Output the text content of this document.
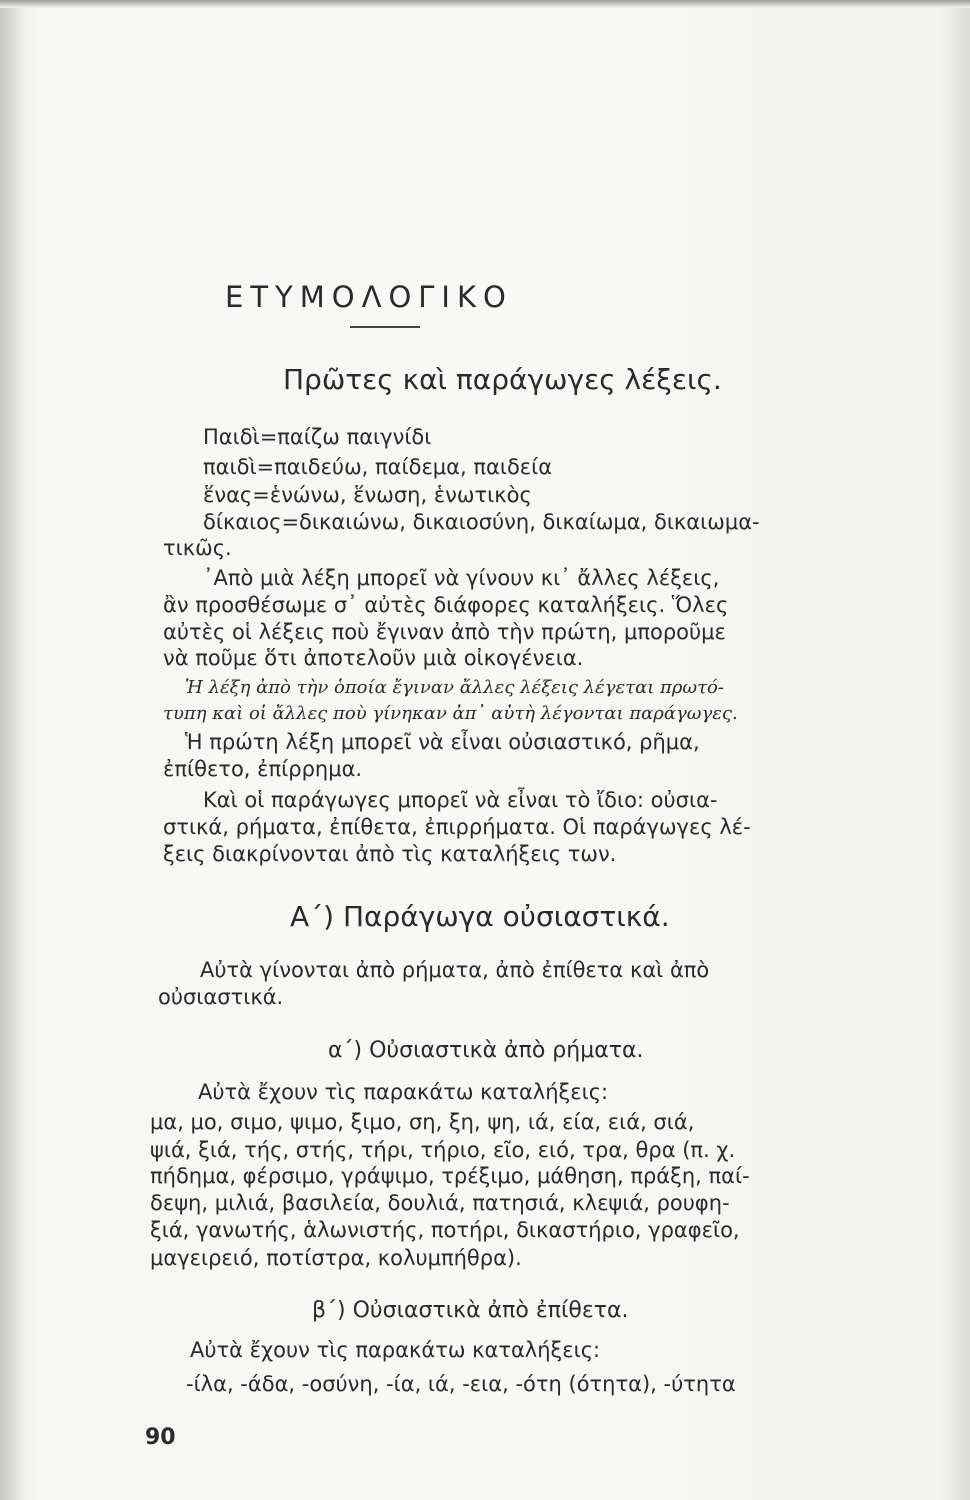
ΕΤΥΜΟΛΟΓΙΚΟ
Πρῶτες καὶ παράγωγες λέξεις.
Παιδὶ=παίζω παιγνίδι
παιδὶ=παιδεύω, παίδεμα, παιδεία
ἕνας=ἑνώνω, ἕνωση, ἑνωτικὸς
δίκαιος=δικαιώνω, δικαιοσύνη, δικαίωμα, δικαιωμα-
τικῶς.
᾿Απὸ μιὰ λέξη μπορεῖ νὰ γίνουν κι᾿ ἄλλες λέξεις,
ἂν προσθέσωμε σ᾿ αὐτὲς διάφορες καταλήξεις. Ὅλες
αὐτὲς οἱ λέξεις ποὺ ἔγιναν ἀπὸ τὴν πρώτη, μποροῦμε
νὰ ποῦμε ὅτι ἀποτελοῦν μιὰ οἰκογένεια.
Ἡ λέξη ἀπὸ τὴν ὁποία ἔγιναν ἄλλες λέξεις λέγεται πρωτό-
τυπη καὶ οἱ ἄλλες ποὺ γίνηκαν ἀπ᾿ αὐτὴ λέγονται παράγωγες.
Ἡ πρώτη λέξη μπορεῖ νὰ εἶναι οὐσιαστικό, ρῆμα,
ἐπίθετο, ἐπίρρημα.
Καὶ οἱ παράγωγες μπορεῖ νὰ εἶναι τὸ ἴδιο: οὐσια-
στικά, ρήματα, ἐπίθετα, ἐπιρρήματα. Οἱ παράγωγες λέ-
ξεις διακρίνονται ἀπὸ τὶς καταλήξεις των.
Α΄) Παράγωγα οὐσιαστικά.
Αὐτὰ γίνονται ἀπὸ ρήματα, ἀπὸ ἐπίθετα καὶ ἀπὸ
οὐσιαστικά.
α΄) Οὐσιαστικὰ ἀπὸ ρήματα.
Αὐτὰ ἔχουν τὶς παρακάτω καταλήξεις:
μα, μο, σιμο, ψιμο, ξιμο, ση, ξη, ψη, ιά, εία, ειά, σιά,
ψιά, ξιά, τής, στής, τήρι, τήριο, εῖο, ειό, τρα, θρα (π. χ.
πήδημα, φέρσιμο, γράψιμο, τρέξιμο, μάθηση, πράξη, παί-
δεψη, μιλιά, βασιλεία, δουλιά, πατησιά, κλεψιά, ρουφη-
ξιά, γανωτής, ἁλωνιστής, ποτήρι, δικαστήριο, γραφεῖο,
μαγειρειό, ποτίστρα, κολυμπήθρα).
β΄) Οὐσιαστικὰ ἀπὸ ἐπίθετα.
Αὐτὰ ἔχουν τὶς παρακάτω καταλήξεις:
-ίλα, -άδα, -οσύνη, -ία, ιά, -εια, -ότη (ότητα), -ύτητα
90
